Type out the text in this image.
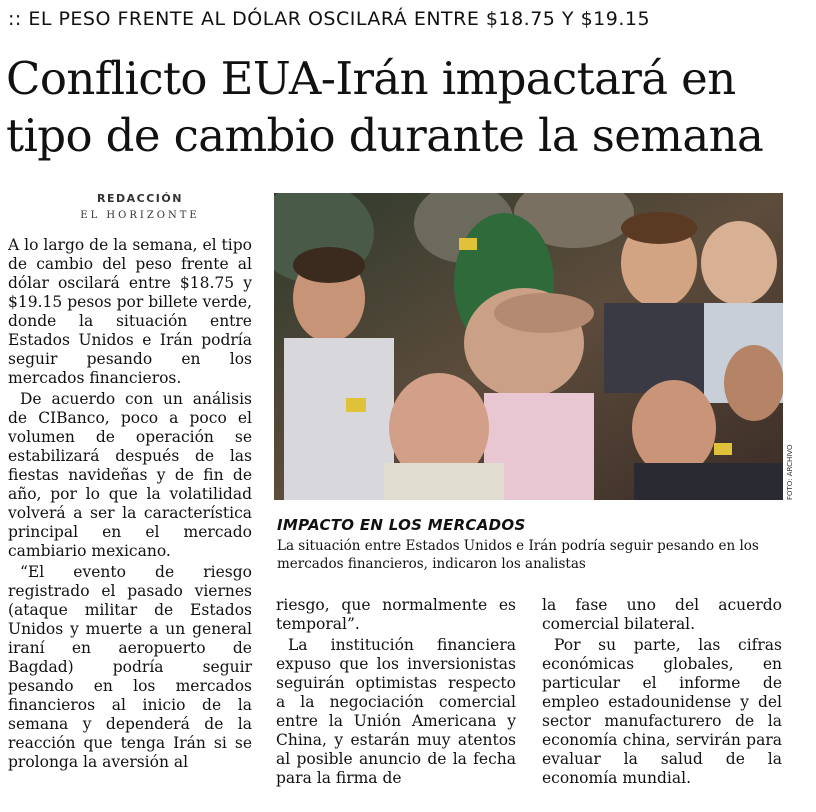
:: EL PESO FRENTE AL DÓLAR OSCILARÁ ENTRE $18.75 Y $19.15
Conflicto EUA-Irán impactará en
tipo de cambio durante la semana
REDACCIÓN
EL HORIZONTE

A lo largo de la semana, el tipo de cambio del peso frente al dólar oscilará entre $18.75 y $19.15 pesos por billete verde, donde la situación entre Estados Unidos e Irán podría seguir pesando en los mercados financieros.

De acuerdo con un análisis de CIBanco, poco a poco el volumen de operación se estabilizará después de las fiestas navideñas y de fin de año, por lo que la volatilidad volverá a ser la característica principal en el mercado cambiario mexicano.

“El evento de riesgo registrado el pasado viernes (ataque militar de Estados Unidos y muerte a un general iraní en aeropuerto de Bagdad) podría seguir pesando en los mercados financieros al inicio de la semana y dependerá de la reacción que tenga Irán si se prolonga la aversión al

FOTO: ARCHIVO
IMPACTO EN LOS MERCADOS
La situación entre Estados Unidos e Irán podría seguir pesando en los mercados financieros, indicaron los analistas

riesgo, que normalmente es temporal”.

La institución financiera expuso que los inversionistas seguirán optimistas respecto a la negociación comercial entre la Unión Americana y China, y estarán muy atentos al posible anuncio de la fecha para la firma de

la fase uno del acuerdo comercial bilateral.

Por su parte, las cifras económicas globales, en particular el informe de empleo estadounidense y del sector manufacturero de la economía china, servirán para evaluar la salud de la economía mundial.
